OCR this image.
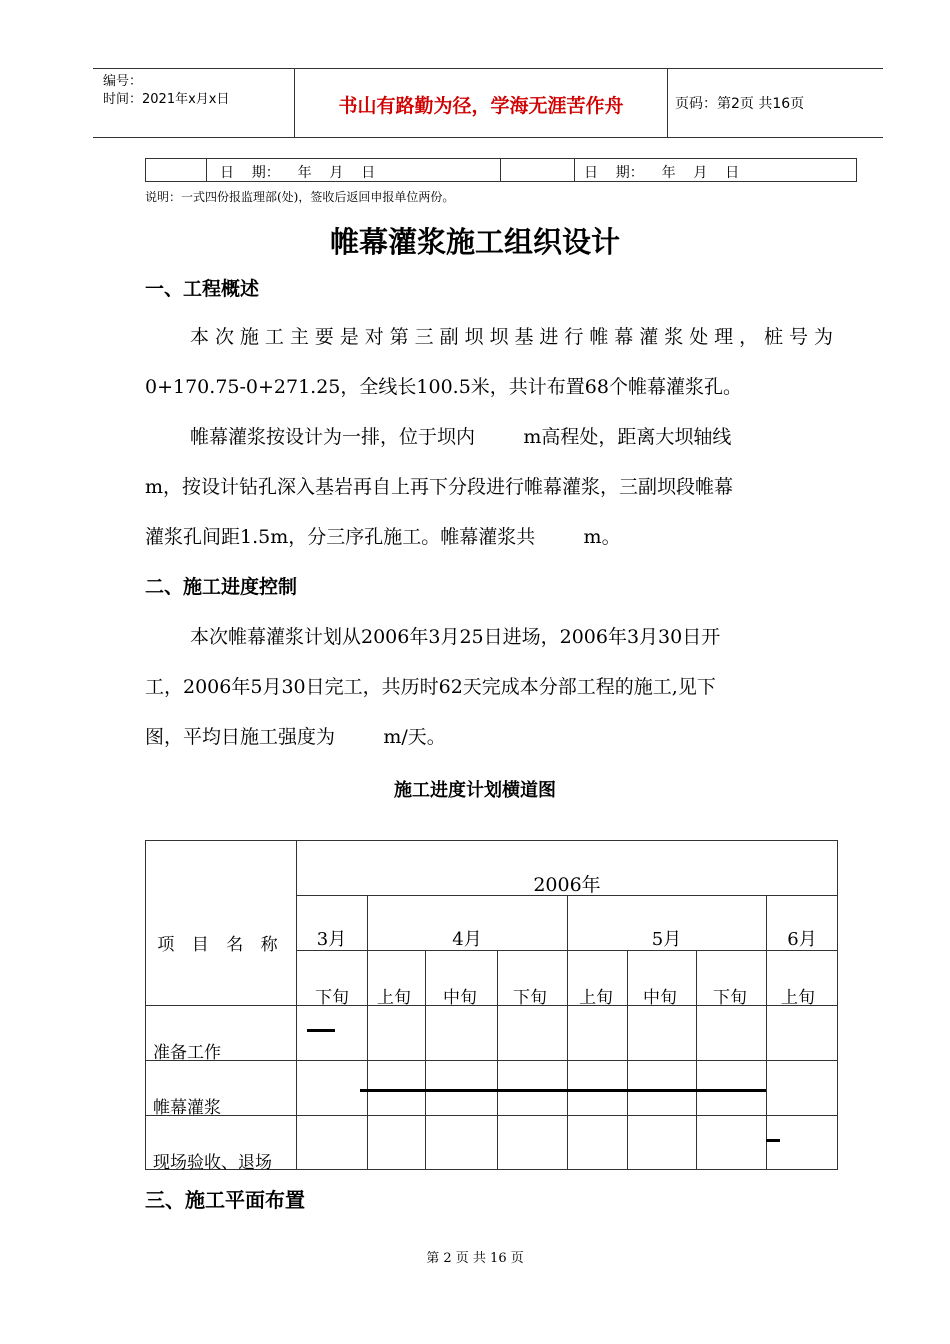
编号：
时间：2021年x月x日	书山有路勤为径，学海无涯苦作舟	页码：第2页 共16页
日    期：    年    月    日	日    期：    年    月    日
说明：一式四份报监理部(处)，签收后返回申报单位两份。
帷幕灌浆施工组织设计
一、工程概述
本次施工主要是对第三副坝坝基进行帷幕灌浆处理，桩号为
0+170.75-0+271.25，全线长100.5米，共计布置68个帷幕灌浆孔。
帷幕灌浆按设计为一排，位于坝内        m高程处，距离大坝轴线
m，按设计钻孔深入基岩再自上再下分段进行帷幕灌浆，三副坝段帷幕
灌浆孔间距1.5m，分三序孔施工。帷幕灌浆共        m。
二、施工进度控制
本次帷幕灌浆计划从2006年3月25日进场，2006年3月30日开
工，2006年5月30日完工，共历时62天完成本分部工程的施工,见下
图，平均日施工强度为        m/天。
施工进度计划横道图
项 目 名 称
2006年
3月	4月	5月	6月
下旬 上旬 中旬 下旬 上旬 中旬 下旬 上旬
准备工作
帷幕灌浆
现场验收、退场
三、施工平面布置
第 2 页 共 16 页
